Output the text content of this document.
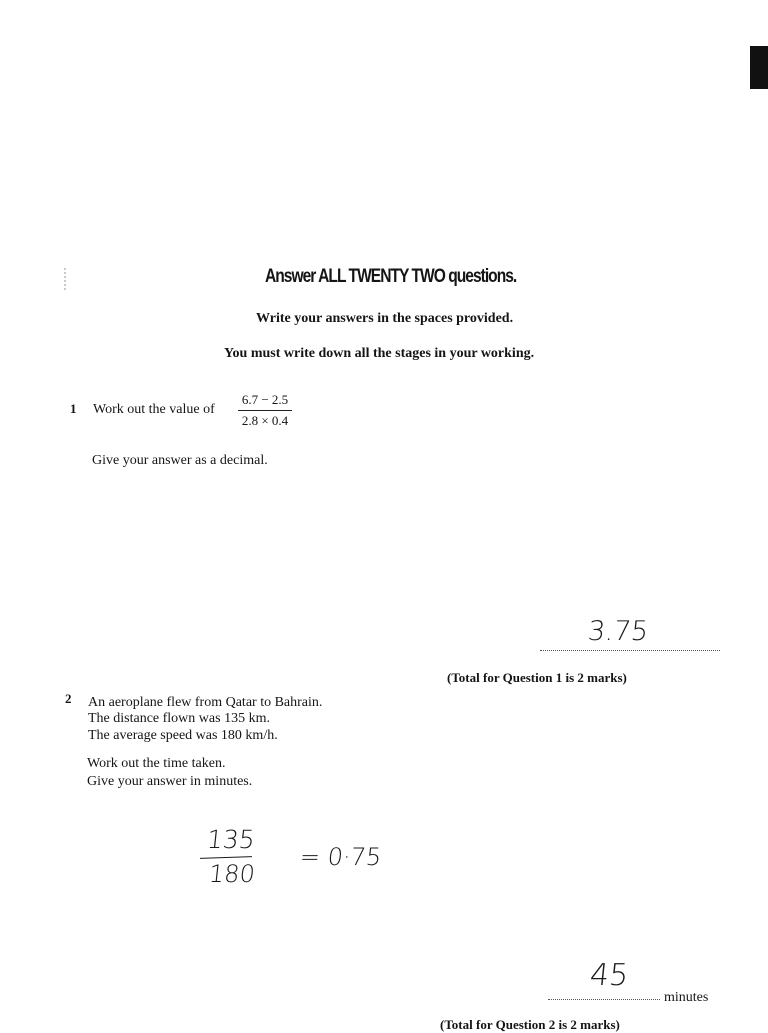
Answer ALL TWENTY TWO questions.
Write your answers in the spaces provided.
You must write down all the stages in your working.
1 Work out the value of $\frac{6.7 - 2.5}{2.8 \times 0.4}$
Give your answer as a decimal.
3.75
(Total for Question 1 is 2 marks)
2 An aeroplane flew from Qatar to Bahrain.
The distance flown was 135 km.
The average speed was 180 km/h.
Work out the time taken.
Give your answer in minutes.
135
180
= 0·75
45
minutes
(Total for Question 2 is 2 marks)
